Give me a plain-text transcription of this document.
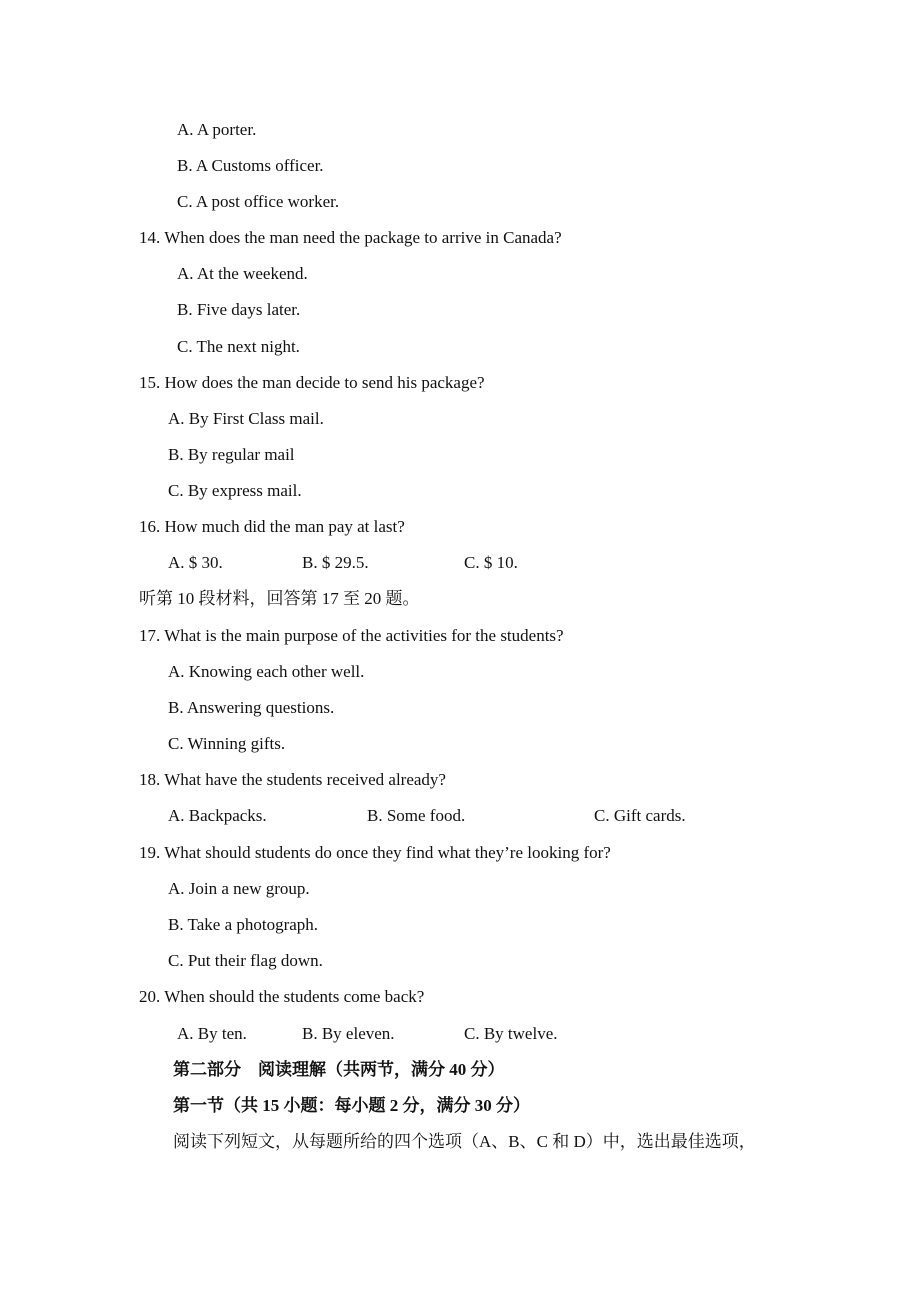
A. A porter.
B. A Customs officer.
C. A post office worker.
14. When does the man need the package to arrive in Canada?
A. At the weekend.
B. Five days later.
C. The next night.
15. How does the man decide to send his package?
A. By First Class mail.
B. By regular mail
C. By express mail.
16. How much did the man pay at last?
A. $ 30.	B. $ 29.5.	C. $ 10.
听第 10 段材料，回答第 17 至 20 题。
17. What is the main purpose of the activities for the students?
A. Knowing each other well.
B. Answering questions.
C. Winning gifts.
18. What have the students received already?
A. Backpacks.	B. Some food.	C. Gift cards.
19. What should students do once they find what they’re looking for?
A. Join a new group.
B. Take a photograph.
C. Put their flag down.
20. When should the students come back?
A. By ten.	B. By eleven.	C. By twelve.
第二部分　阅读理解（共两节，满分 40 分）
第一节（共 15 小题：每小题 2 分，满分 30 分）
阅读下列短文，从每题所给的四个选项（A、B、C 和 D）中，选出最佳选项，
